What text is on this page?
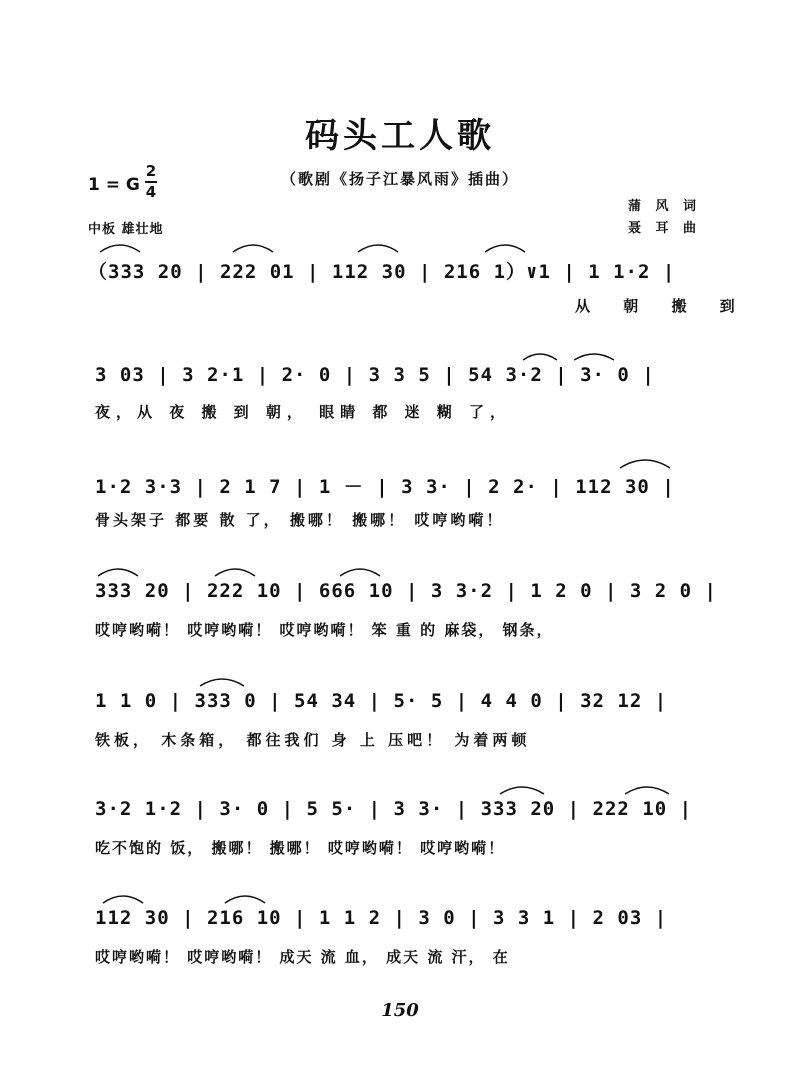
码头工人歌
（歌剧《扬子江暴风雨》插曲）
1 = G
2
4
中板 雄壮地
蒲 风 词
聂 耳 曲
（333 20 | 222 01 | 112 30 | 216 1）∨1 | 1 1·2 |
从 朝 搬 到
3 03 | 3 2·1 | 2· 0 | 3 3 5 | 54 3·2 | 3· 0 |
夜，从 夜 搬 到 朝， 眼睛 都 迷 糊 了，
1·2 3·3 | 2 1 7 | 1 － | 3 3· | 2 2· | 112 30 |
骨头架子 都要 散 了， 搬哪！ 搬哪！ 哎哼哟嗬！
333 20 | 222 10 | 666 10 | 3 3·2 | 1 2 0 | 3 2 0 |
哎哼哟嗬！ 哎哼哟嗬！ 哎哼哟嗬！ 笨 重 的 麻袋， 钢条，
1 1 0 | 333 0 | 54 34 | 5· 5 | 4 4 0 | 32 12 |
铁板， 木条箱， 都往我们 身 上 压吧！ 为着两顿
3·2 1·2 | 3· 0 | 5 5· | 3 3· | 333 20 | 222 10 |
吃不饱的 饭， 搬哪！ 搬哪！ 哎哼哟嗬！ 哎哼哟嗬！
112 30 | 216 10 | 1 1 2 | 3 0 | 3 3 1 | 2 03 |
哎哼哟嗬！ 哎哼哟嗬！ 成天 流 血， 成天 流 汗， 在
150
